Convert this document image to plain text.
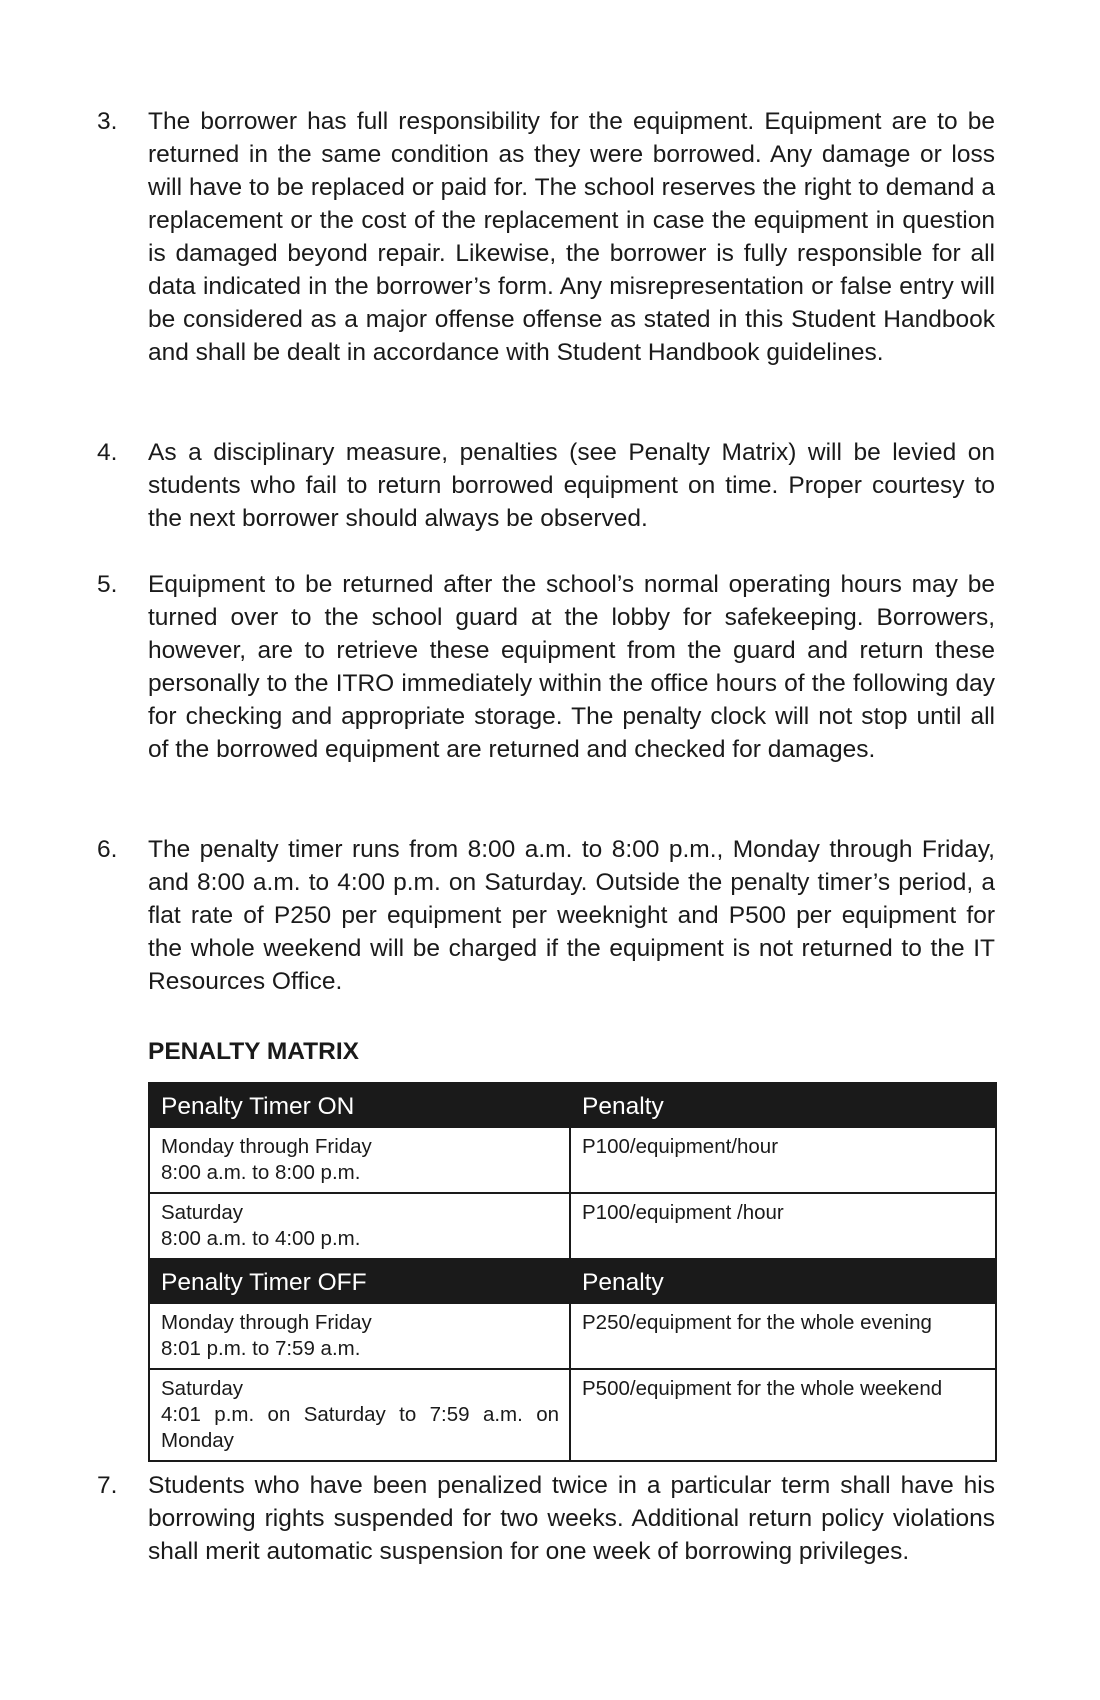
3.	The borrower has full responsibility for the equipment. Equipment are to be returned in the same condition as they were borrowed. Any damage or loss will have to be replaced or paid for. The school reserves the right to demand a replacement or the cost of the replacement in case the equipment in question is damaged beyond repair. Likewise, the borrower is fully responsible for all data indicated in the borrower’s form. Any misrepresentation or false entry will be considered as a major offense offense as stated in this Student Handbook and shall be dealt in accordance with Student Handbook guidelines.
4.	As a disciplinary measure, penalties (see Penalty Matrix) will be levied on students who fail to return borrowed equipment on time. Proper courtesy to the next borrower should always be observed.
5.	Equipment to be returned after the school’s normal operating hours may be turned over to the school guard at the lobby for safekeeping. Borrowers, however, are to retrieve these equipment from the guard and return these personally to the ITRO immediately within the office hours of the following day for checking and appropriate storage. The penalty clock will not stop until all of the borrowed equipment are returned and checked for damages.
6.	The penalty timer runs from 8:00 a.m. to 8:00 p.m., Monday through Friday, and 8:00 a.m. to 4:00 p.m. on Saturday. Outside the penalty timer’s period, a flat rate of P250 per equipment per weeknight and P500 per equipment for the whole weekend will be charged if the equipment is not returned to the IT Resources Office.
PENALTY MATRIX
Penalty Timer ON	Penalty

Monday through Friday
8:00 a.m. to 8:00 p.m.	P100/equipment/hour

Saturday
8:00 a.m. to 4:00 p.m.	P100/equipment /hour
Penalty Timer OFF	Penalty

Monday through Friday
8:01 p.m. to 7:59 a.m.	P250/equipment for the whole evening

Saturday
4:01 p.m. on Saturday to 7:59 a.m. on Monday	P500/equipment for the whole weekend
7.	Students who have been penalized twice in a particular term shall have his borrowing rights suspended for two weeks. Additional return policy violations shall merit automatic suspension for one week of borrowing privileges.
